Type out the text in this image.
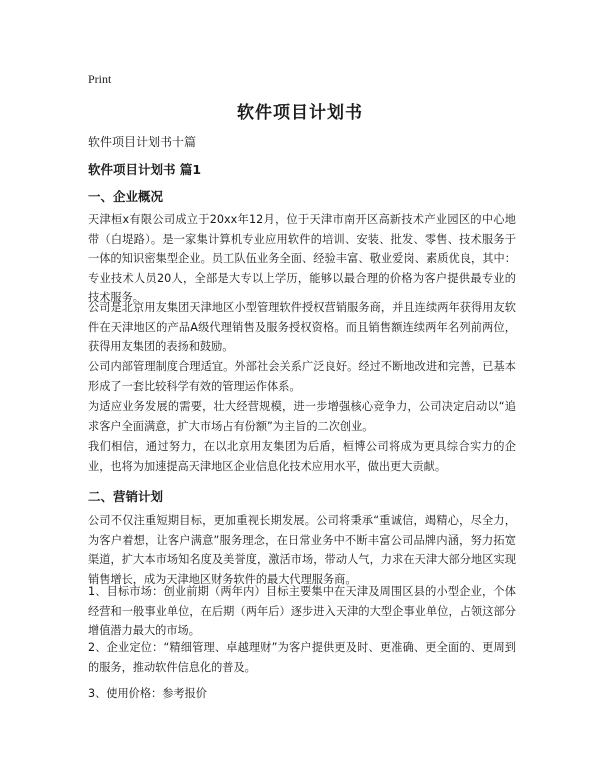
Print
软件项目计划书
软件项目计划书十篇
软件项目计划书 篇1
一、企业概况

天津桓x有限公司成立于20xx年12月，位于天津市南开区高新技术产业园区的中心地带（白堤路）。是一家集计算机专业应用软件的培训、安装、批发、零售、技术服务于一体的知识密集型企业。员工队伍业务全面、经验丰富、敬业爱岗、素质优良，其中：专业技术人员20人，全部是大专以上学历，能够以最合理的价格为客户提供最专业的技术服务。

公司是北京用友集团天津地区小型管理软件授权营销服务商，并且连续两年获得用友软件在天津地区的产品A级代理销售及服务授权资格。而且销售额连续两年名列前两位，获得用友集团的表扬和鼓励。

公司内部管理制度合理适宜。外部社会关系广泛良好。经过不断地改进和完善，已基本形成了一套比较科学有效的管理运作体系。

为适应业务发展的需要，壮大经营规模，进一步增强核心竞争力，公司决定启动以“追求客户全面满意，扩大市场占有份额”为主旨的二次创业。

我们相信，通过努力，在以北京用友集团为后盾，桓博公司将成为更具综合实力的企业，也将为加速提高天津地区企业信息化技术应用水平，做出更大贡献。

二、营销计划

公司不仅注重短期目标，更加重视长期发展。公司将秉承“重诚信，竭精心，尽全力，为客户着想，让客户满意”服务理念，在日常业务中不断丰富公司品牌内涵，努力拓宽渠道，扩大本市场知名度及美誉度，激活市场，带动人气，力求在天津大部分地区实现销售增长，成为天津地区财务软件的最大代理服务商。

1、目标市场：创业前期（两年内）目标主要集中在天津及周围区县的小型企业，个体经营和一般事业单位，在后期（两年后）逐步进入天津的大型企事业单位，占领这部分增值潜力最大的市场。

2、企业定位：“精细管理、卓越理财”为客户提供更及时、更准确、更全面的、更周到的服务，推动软件信息化的普及。

3、使用价格：参考报价
